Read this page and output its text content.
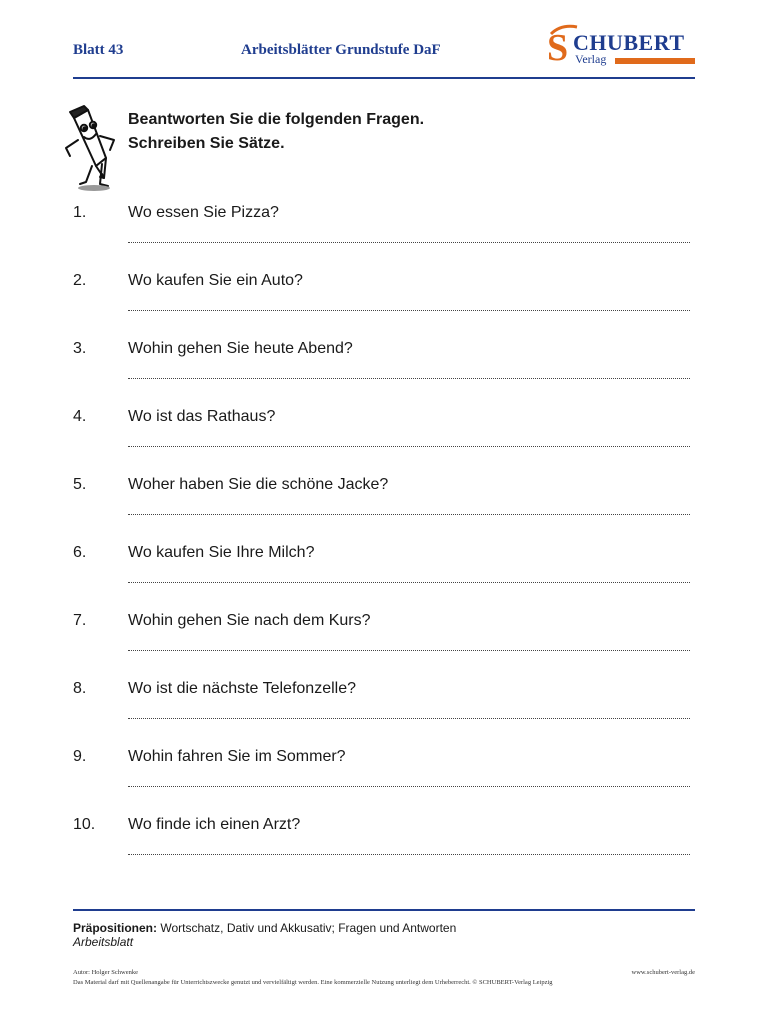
Blatt 43	Arbeitsblätter Grundstufe DaF	S CHUBERT
Verlag
Beantworten Sie die folgenden Fragen.
Schreiben Sie Sätze.
1.	Wo essen Sie Pizza?
2.	Wo kaufen Sie ein Auto?
3.	Wohin gehen Sie heute Abend?
4.	Wo ist das Rathaus?
5.	Woher haben Sie die schöne Jacke?
6.	Wo kaufen Sie Ihre Milch?
7.	Wohin gehen Sie nach dem Kurs?
8.	Wo ist die nächste Telefonzelle?
9.	Wohin fahren Sie im Sommer?
10. Wo finde ich einen Arzt?
Präpositionen: Wortschatz, Dativ und Akkusativ; Fragen und Antworten
Arbeitsblatt
Autor: Holger Schwenke	www.schubert-verlag.de
Das Material darf mit Quellenangabe für Unterrichtszwecke genutzt und vervielfältigt werden. Eine kommerzielle Nutzung unterliegt dem Urheberrecht. © SCHUBERT-Verlag Leipzig
